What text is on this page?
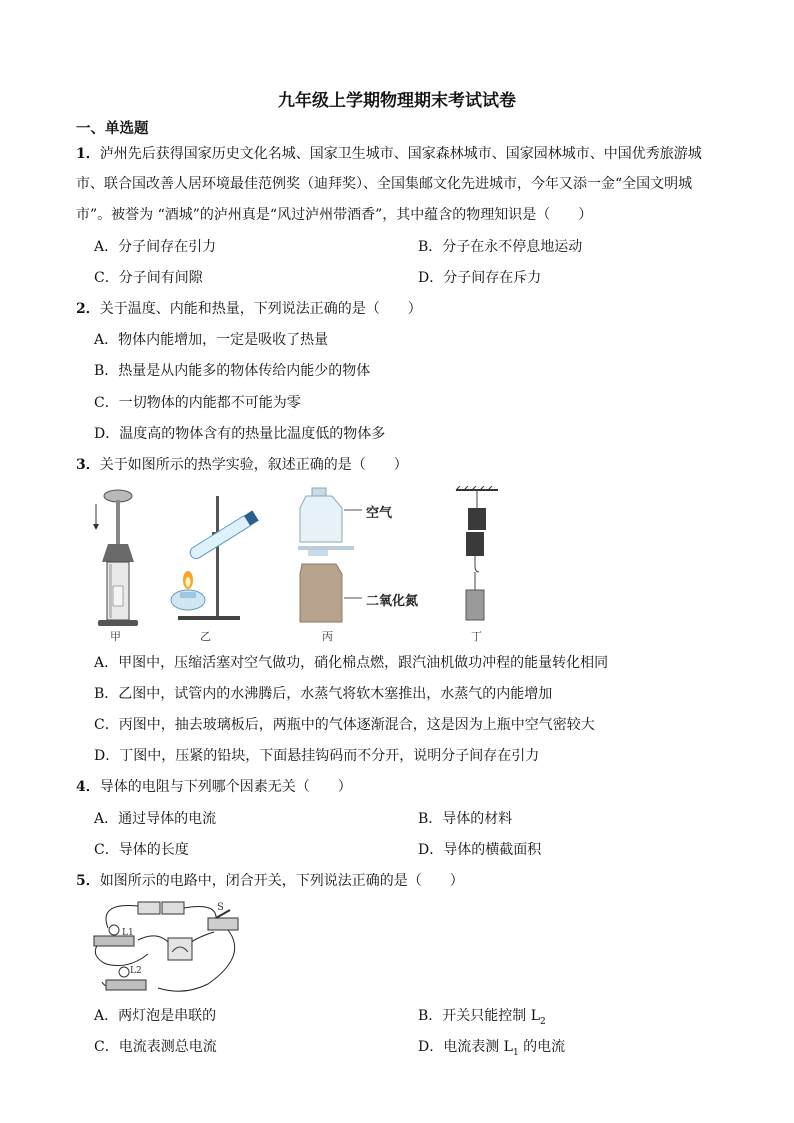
九年级上学期物理期末考试试卷
一、单选题
1．泸州先后获得国家历史文化名城、国家卫生城市、国家森林城市、国家园林城市、中国优秀旅游城
市、联合国改善人居环境最佳范例奖（迪拜奖）、全国集邮文化先进城市，今年又添一金“全国文明城
市”。被誉为 “酒城”的泸州真是“风过泸州带酒香”，其中蕴含的物理知识是（　　）
A．分子间存在引力	B．分子在永不停息地运动
C．分子间有间隙	D．分子间存在斥力
2．关于温度、内能和热量，下列说法正确的是（　　）
A．物体内能增加，一定是吸收了热量
B．热量是从内能多的物体传给内能少的物体
C．一切物体的内能都不可能为零
D．温度高的物体含有的热量比温度低的物体多
3．关于如图所示的热学实验，叙述正确的是（　　）
空气
二氧化氮
甲	乙	丙	丁
A．甲图中，压缩活塞对空气做功，硝化棉点燃，跟汽油机做功冲程的能量转化相同
B．乙图中，试管内的水沸腾后，水蒸气将软木塞推出，水蒸气的内能增加
C．丙图中，抽去玻璃板后，两瓶中的气体逐渐混合，这是因为上瓶中空气密较大
D．丁图中，压紧的铅块，下面悬挂钩码而不分开，说明分子间存在引力
4．导体的电阻与下列哪个因素无关（　　）
A．通过导体的电流	B．导体的材料
C．导体的长度	D．导体的横截面积
5．如图所示的电路中，闭合开关，下列说法正确的是（　　）
S
L1
L2
A．两灯泡是串联的	B．开关只能控制 $L_2$
C．电流表测总电流	D．电流表测 $L_1$ 的电流
